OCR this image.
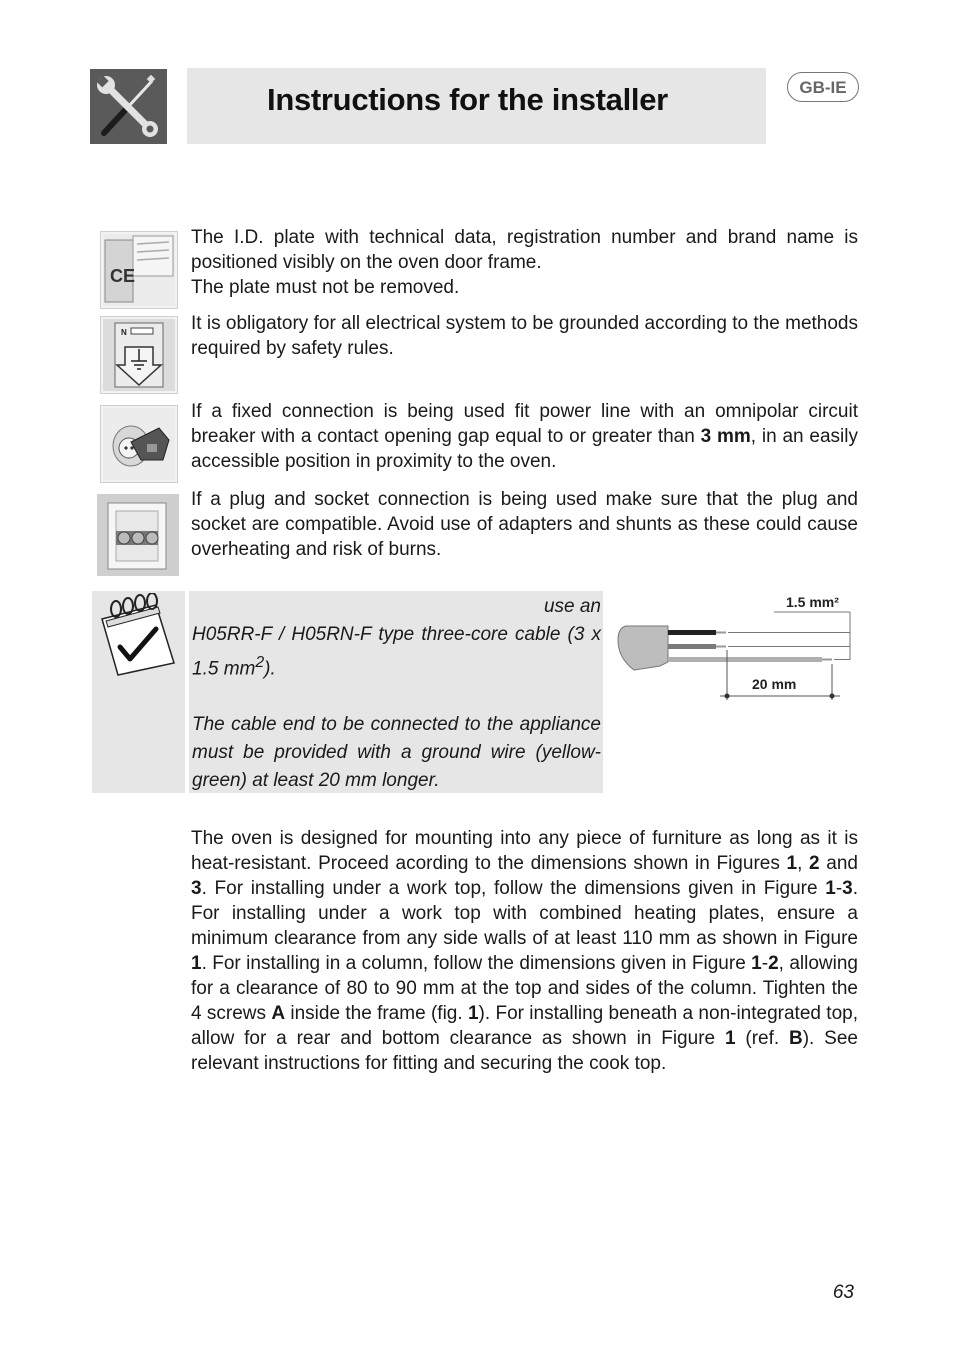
Instructions for the installer	GB-IE
CE

The I.D. plate with technical data, registration number and brand name is positioned visibly on the oven door frame.

The plate must not be removed.

N	It is obligatory for all electrical system to be grounded according to the methods required by safety rules.

If a fixed connection is being used fit power line with an omnipolar circuit breaker with a contact opening gap equal to or greater than 3 mm, in an easily accessible position in proximity to the oven.

If a plug and socket connection is being used make sure that the plug and socket are compatible. Avoid use of adapters and shunts as these could cause overheating and risk of burns.

use an

H05RR-F / H05RN-F type three-core cable (3 x 1.5 $mm^2$).

The cable end to be connected to the appliance must be provided with a ground wire (yellow-green) at least 20 mm longer.

1.5 mm²
20 mm

The oven is designed for mounting into any piece of furniture as long as it is heat-resistant. Proceed acording to the dimensions shown in Figures 1, 2 and 3. For installing under a work top, follow the dimensions given in Figure 1-3. For installing under a work top with combined heating plates, ensure a minimum clearance from any side walls of at least 110 mm as shown in Figure 1. For installing in a column, follow the dimensions given in Figure 1-2, allowing for a clearance of 80 to 90 mm at the top and sides of the column. Tighten the 4 screws A inside the frame (fig. 1). For installing beneath a non-integrated top, allow for a rear and bottom clearance as shown in Figure 1 (ref. B). See relevant instructions for fitting and securing the cook top.

63
